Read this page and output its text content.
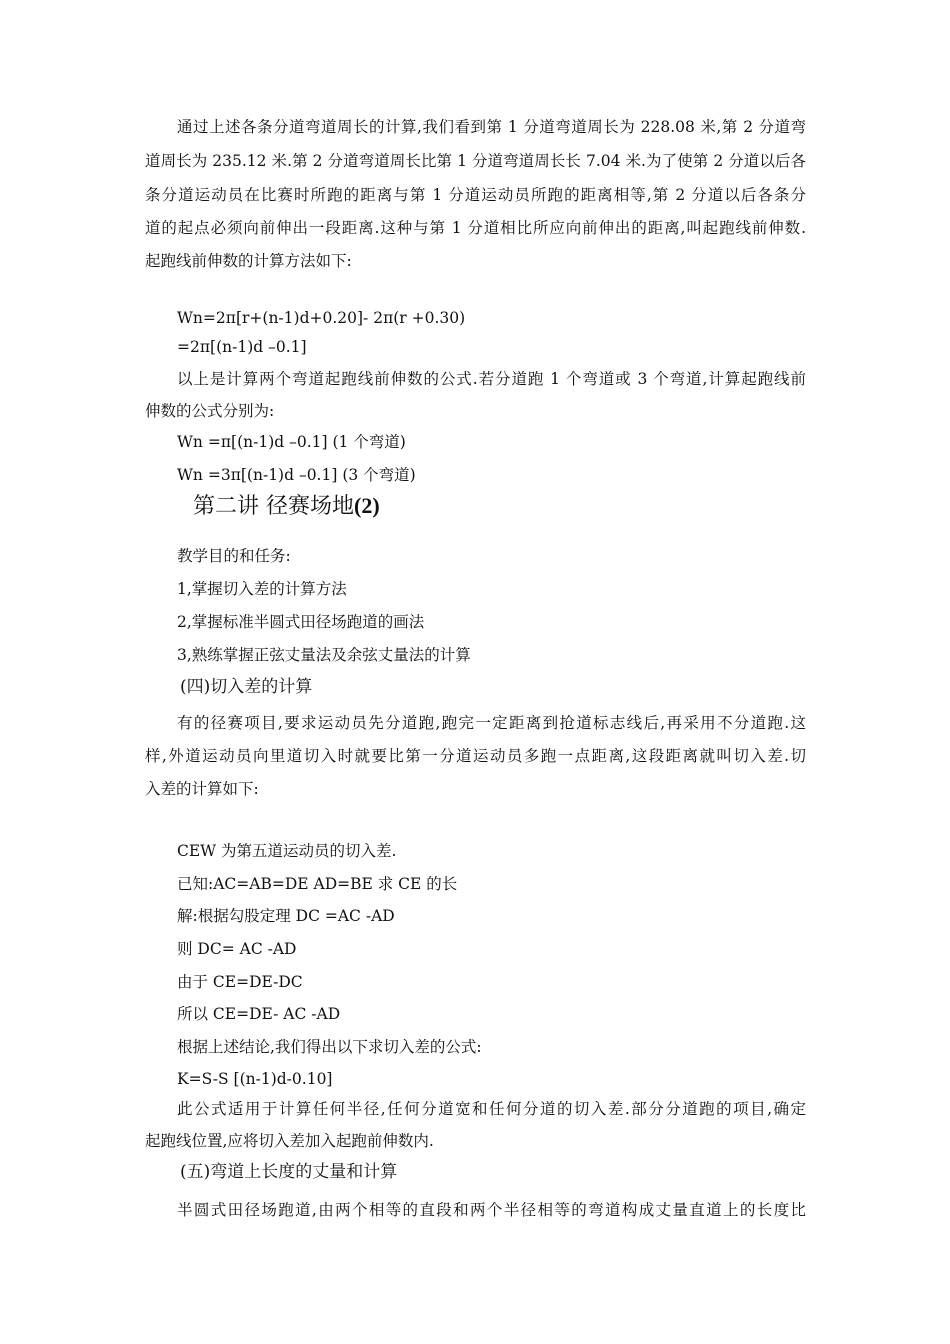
通过上述各条分道弯道周长的计算,我们看到第 1 分道弯道周长为 228.08 米,第 2 分道弯
道周长为 235.12 米.第 2 分道弯道周长比第 1 分道弯道周长长 7.04 米.为了使第 2 分道以后各
条分道运动员在比赛时所跑的距离与第 1 分道运动员所跑的距离相等,第 2 分道以后各条分
道的起点必须向前伸出一段距离.这种与第 1 分道相比所应向前伸出的距离,叫起跑线前伸数.
起跑线前伸数的计算方法如下:
Wn=2π[r+(n-1)d+0.20]- 2π(r +0.30)
=2π[(n-1)d –0.1]
以上是计算两个弯道起跑线前伸数的公式.若分道跑 1 个弯道或 3 个弯道,计算起跑线前
伸数的公式分别为:
Wn =π[(n-1)d –0.1] (1 个弯道)
Wn =3π[(n-1)d –0.1] (3 个弯道)
第二讲 径赛场地(2)
教学目的和任务:
1,掌握切入差的计算方法
2,掌握标准半圆式田径场跑道的画法
3,熟练掌握正弦丈量法及余弦丈量法的计算
(四)切入差的计算
有的径赛项目,要求运动员先分道跑,跑完一定距离到抢道标志线后,再采用不分道跑.这
样,外道运动员向里道切入时就要比第一分道运动员多跑一点距离,这段距离就叫切入差.切
入差的计算如下:
CEW 为第五道运动员的切入差.
已知:AC=AB=DE AD=BE 求 CE 的长
解:根据勾股定理 DC =AC -AD
则 DC= AC -AD
由于 CE=DE-DC
所以 CE=DE- AC -AD
根据上述结论,我们得出以下求切入差的公式:
K=S-S [(n-1)d-0.10]
此公式适用于计算任何半径,任何分道宽和任何分道的切入差.部分分道跑的项目,确定
起跑线位置,应将切入差加入起跑前伸数内.
(五)弯道上长度的丈量和计算
半圆式田径场跑道,由两个相等的直段和两个半径相等的弯道构成丈量直道上的长度比
